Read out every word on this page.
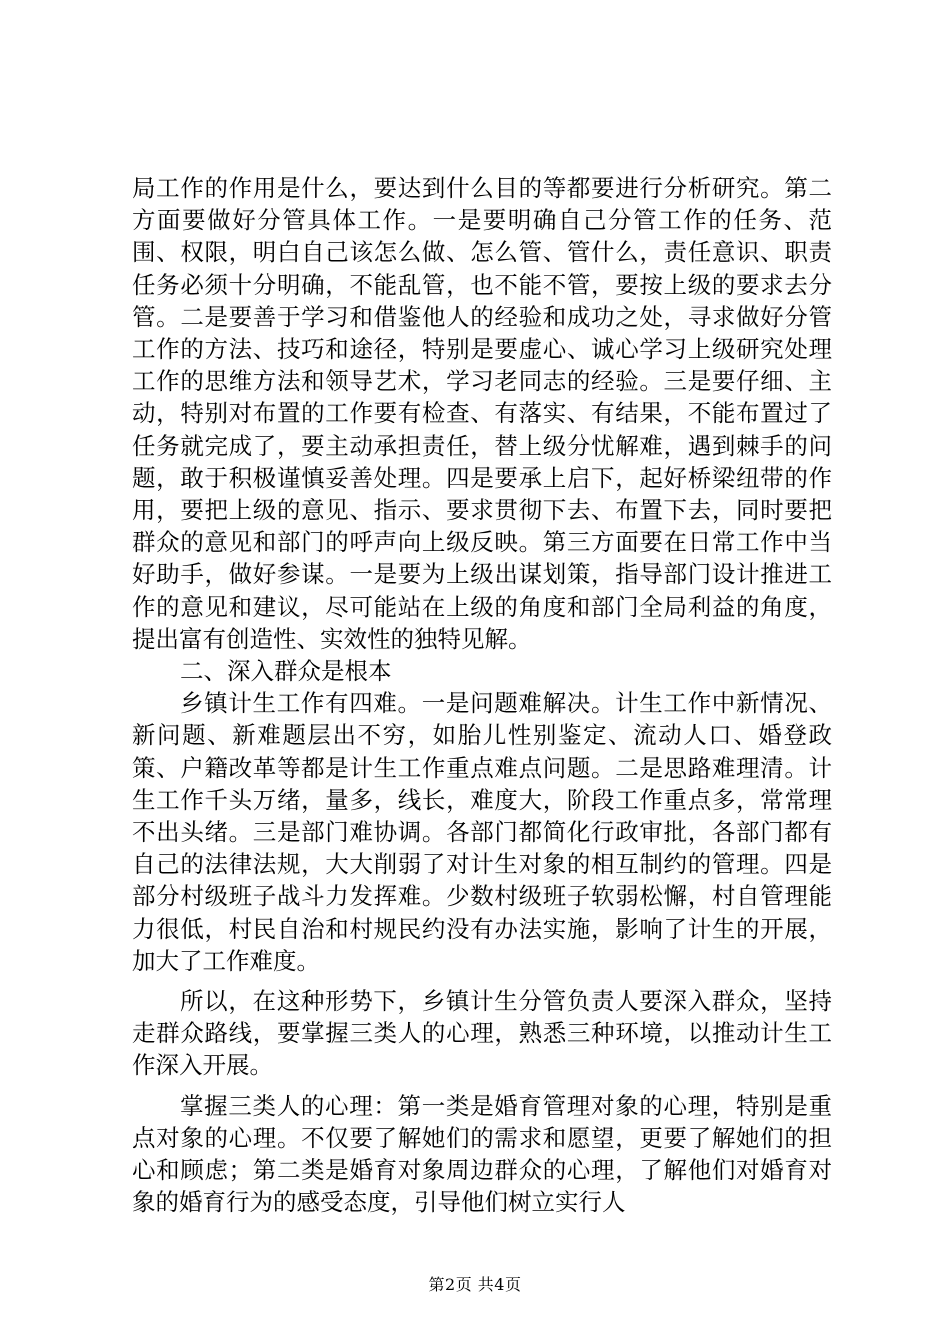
局工作的作用是什么，要达到什么目的等都要进行分析研究。第二方面要做好分管具体工作。一是要明确自己分管工作的任务、范围、权限，明白自己该怎么做、怎么管、管什么，责任意识、职责任务必须十分明确，不能乱管，也不能不管，要按上级的要求去分管。二是要善于学习和借鉴他人的经验和成功之处，寻求做好分管工作的方法、技巧和途径，特别是要虚心、诚心学习上级研究处理工作的思维方法和领导艺术，学习老同志的经验。三是要仔细、主动，特别对布置的工作要有检查、有落实、有结果，不能布置过了任务就完成了，要主动承担责任，替上级分忧解难，遇到棘手的问题，敢于积极谨慎妥善处理。四是要承上启下，起好桥梁纽带的作用，要把上级的意见、指示、要求贯彻下去、布置下去，同时要把群众的意见和部门的呼声向上级反映。第三方面要在日常工作中当好助手，做好参谋。一是要为上级出谋划策，指导部门设计推进工作的意见和建议，尽可能站在上级的角度和部门全局利益的角度，提出富有创造性、实效性的独特见解。

二、深入群众是根本

乡镇计生工作有四难。一是问题难解决。计生工作中新情况、新问题、新难题层出不穷，如胎儿性别鉴定、流动人口、婚登政策、户籍改革等都是计生工作重点难点问题。二是思路难理清。计生工作千头万绪，量多，线长，难度大，阶段工作重点多，常常理不出头绪。三是部门难协调。各部门都简化行政审批，各部门都有自己的法律法规，大大削弱了对计生对象的相互制约的管理。四是部分村级班子战斗力发挥难。少数村级班子软弱松懈，村自管理能力很低，村民自治和村规民约没有办法实施，影响了计生的开展，加大了工作难度。

所以，在这种形势下，乡镇计生分管负责人要深入群众，坚持走群众路线，要掌握三类人的心理，熟悉三种环境，以推动计生工作深入开展。

掌握三类人的心理：第一类是婚育管理对象的心理，特别是重点对象的心理。不仅要了解她们的需求和愿望，更要了解她们的担心和顾虑；第二类是婚育对象周边群众的心理，了解他们对婚育对象的婚育行为的感受态度，引导他们树立实行人

第2页 共4页
